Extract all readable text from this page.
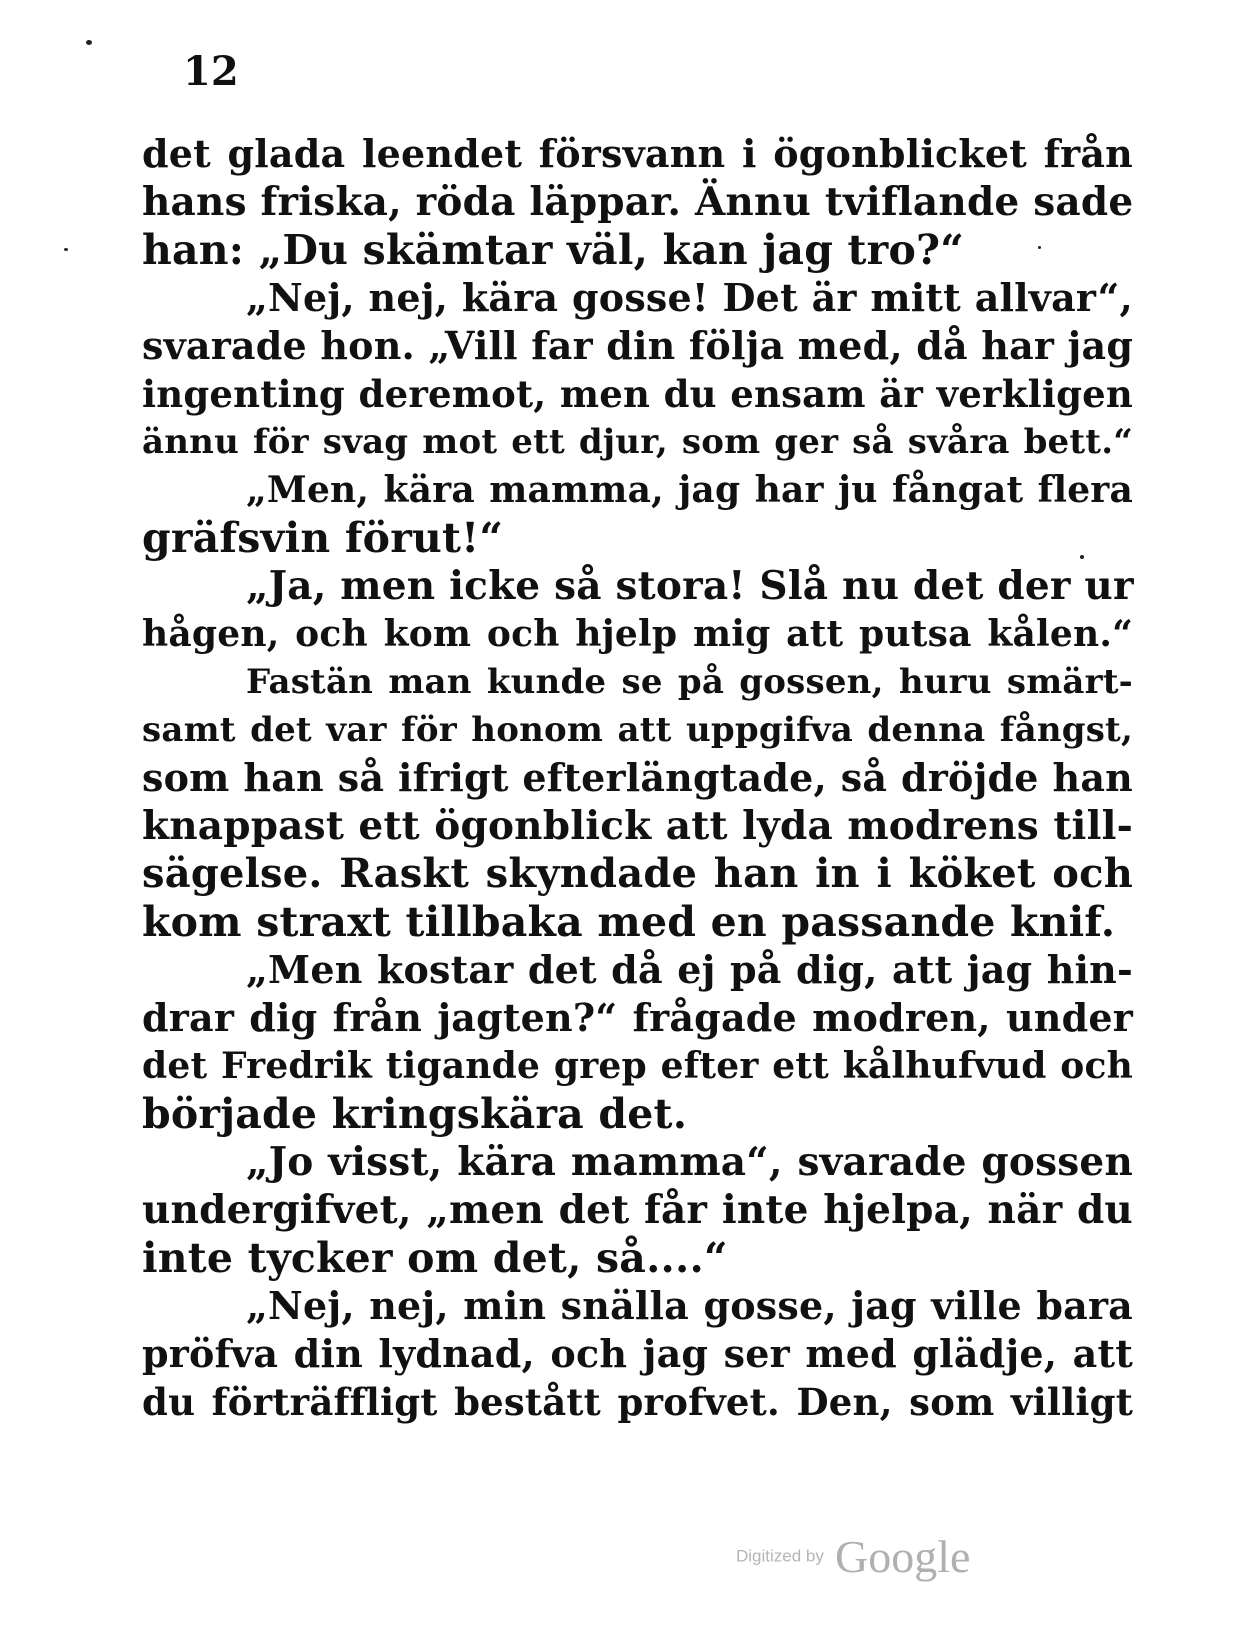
12
det glada leendet försvann i ögonblicket från
hans friska, röda läppar. Ännu tviflande sade
han: „Du skämtar väl, kan jag tro?“
„Nej, nej, kära gosse! Det är mitt allvar“,
svarade hon. „Vill far din följa med, då har jag
ingenting deremot, men du ensam är verkligen
ännu för svag mot ett djur, som ger så svåra bett.“
„Men, kära mamma, jag har ju fångat flera
gräfsvin förut!“
„Ja, men icke så stora! Slå nu det der ur
hågen, och kom och hjelp mig att putsa kålen.“
Fastän man kunde se på gossen, huru smärt-
samt det var för honom att uppgifva denna fångst,
som han så ifrigt efterlängtade, så dröjde han
knappast ett ögonblick att lyda modrens till-
sägelse. Raskt skyndade han in i köket och
kom straxt tillbaka med en passande knif.
„Men kostar det då ej på dig, att jag hin-
drar dig från jagten?“ frågade modren, under
det Fredrik tigande grep efter ett kålhufvud och
började kringskära det.
„Jo visst, kära mamma“, svarade gossen
undergifvet, „men det får inte hjelpa, när du
inte tycker om det, så....“
„Nej, nej, min snälla gosse, jag ville bara
pröfva din lydnad, och jag ser med glädje, att
du förträffligt bestått profvet. Den, som villigt
Digitized by Google
